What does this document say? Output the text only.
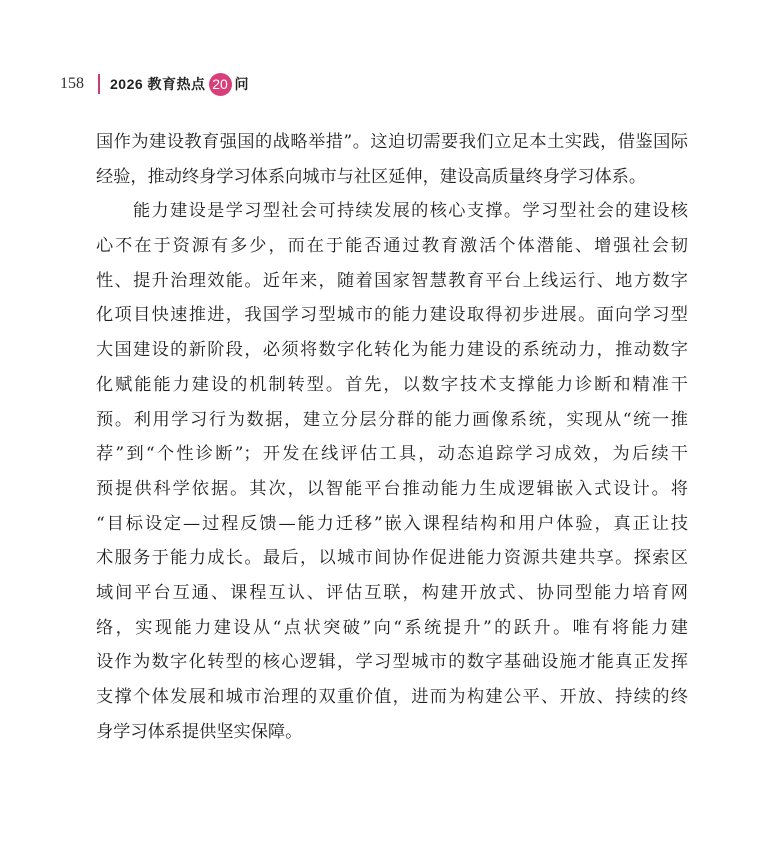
158 2026 教育热点 20 问
国作为建设教育强国的战略举措”。这迫切需要我们立足本土实践，借鉴国际
经验，推动终身学习体系向城市与社区延伸，建设高质量终身学习体系。
能力建设是学习型社会可持续发展的核心支撑。学习型社会的建设核
心不在于资源有多少，而在于能否通过教育激活个体潜能、增强社会韧
性、提升治理效能。近年来，随着国家智慧教育平台上线运行、地方数字
化项目快速推进，我国学习型城市的能力建设取得初步进展。面向学习型
大国建设的新阶段，必须将数字化转化为能力建设的系统动力，推动数字
化赋能能力建设的机制转型。首先，以数字技术支撑能力诊断和精准干
预。利用学习行为数据，建立分层分群的能力画像系统，实现从“统一推
荐”到“个性诊断”；开发在线评估工具，动态追踪学习成效，为后续干
预提供科学依据。其次，以智能平台推动能力生成逻辑嵌入式设计。将
“目标设定—过程反馈—能力迁移”嵌入课程结构和用户体验，真正让技
术服务于能力成长。最后，以城市间协作促进能力资源共建共享。探索区
域间平台互通、课程互认、评估互联，构建开放式、协同型能力培育网
络，实现能力建设从“点状突破”向“系统提升”的跃升。唯有将能力建
设作为数字化转型的核心逻辑，学习型城市的数字基础设施才能真正发挥
支撑个体发展和城市治理的双重价值，进而为构建公平、开放、持续的终
身学习体系提供坚实保障。
